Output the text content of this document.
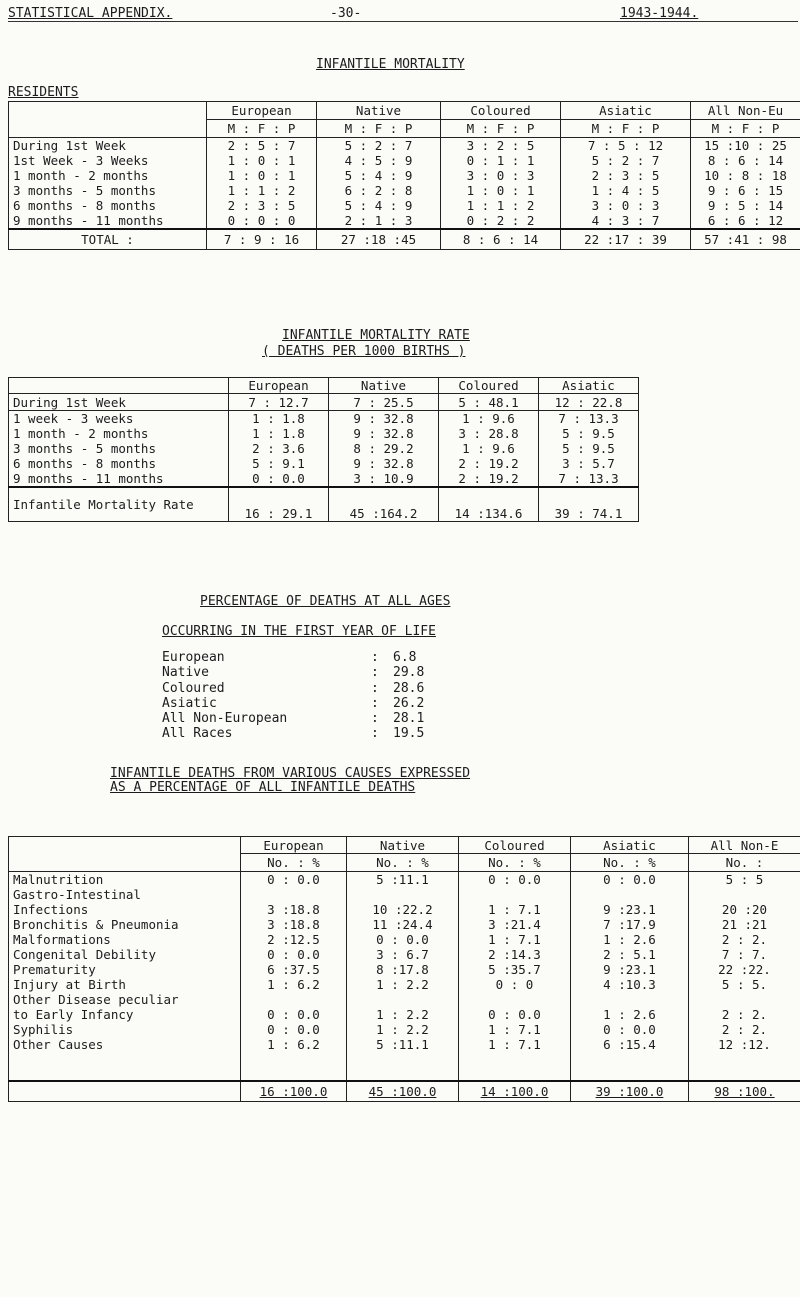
STATISTICAL APPENDIX.	-30-	1943-1944.
INFANTILE MORTALITY
RESIDENTS
	European	Native	Coloured	Asiatic	All Non-Eu
	M : F : P	M : F : P	M : F : P	M : F : P	M : F : P
During 1st Week	2 : 5 : 7	5 : 2 : 7	3 : 2 : 5	7 : 5 : 12	15 :10 : 25
1st Week - 3 Weeks	1 : 0 : 1	4 : 5 : 9	0 : 1 : 1	5 : 2 : 7	8 : 6 : 14
1 month - 2 months	1 : 0 : 1	5 : 4 : 9	3 : 0 : 3	2 : 3 : 5	10 : 8 : 18
3 months - 5 months	1 : 1 : 2	6 : 2 : 8	1 : 0 : 1	1 : 4 : 5	9 : 6 : 15
6 months - 8 months	2 : 3 : 5	5 : 4 : 9	1 : 1 : 2	3 : 0 : 3	9 : 5 : 14
9 months - 11 months	0 : 0 : 0	2 : 1 : 3	0 : 2 : 2	4 : 3 : 7	6 : 6 : 12
TOTAL :	7 : 9 : 16	27 :18 :45	8 : 6 : 14	22 :17 : 39	57 :41 : 98
INFANTILE MORTALITY RATE
( DEATHS PER 1000 BIRTHS )
	European	Native	Coloured	Asiatic
During 1st Week	7 : 12.7	7 : 25.5	5 : 48.1	12 : 22.8
1 week - 3 weeks	1 : 1.8	9 : 32.8	1 : 9.6	7 : 13.3
1 month - 2 months	1 : 1.8	9 : 32.8	3 : 28.8	5 : 9.5
3 months - 5 months	2 : 3.6	8 : 29.2	1 : 9.6	5 : 9.5
6 months - 8 months	5 : 9.1	9 : 32.8	2 : 19.2	3 : 5.7
9 months - 11 months	0 : 0.0	3 : 10.9	2 : 19.2	7 : 13.3
Infantile Mortality Rate	16 : 29.1	45 :164.2	14 :134.6	39 : 74.1
PERCENTAGE OF DEATHS AT ALL AGES
OCCURRING IN THE FIRST YEAR OF LIFE
European	:	6.8
Native	:	29.8
Coloured	:	28.6
Asiatic	:	26.2
All Non-European	:	28.1
All Races	:	19.5
INFANTILE DEATHS FROM VARIOUS CAUSES EXPRESSED
AS A PERCENTAGE OF ALL INFANTILE DEATHS
	European	Native	Coloured	Asiatic	All Non-E
	No. : %	No. : %	No. : %	No. : %	No. :
Malnutrition	0 : 0.0	5 :11.1	0 : 0.0	0 : 0.0	5 : 5
Gastro-Intestinal					
Infections	3 :18.8	10 :22.2	1 : 7.1	9 :23.1	20 :20
Bronchitis & Pneumonia	3 :18.8	11 :24.4	3 :21.4	7 :17.9	21 :21
Malformations	2 :12.5	0 : 0.0	1 : 7.1	1 : 2.6	2 : 2.
Congenital Debility	0 : 0.0	3 : 6.7	2 :14.3	2 : 5.1	7 : 7.
Prematurity	6 :37.5	8 :17.8	5 :35.7	9 :23.1	22 :22.
Injury at Birth	1 : 6.2	1 : 2.2	0 : 0	4 :10.3	5 : 5.
Other Disease peculiar					
to Early Infancy	0 : 0.0	1 : 2.2	0 : 0.0	1 : 2.6	2 : 2.
Syphilis	0 : 0.0	1 : 2.2	1 : 7.1	0 : 0.0	2 : 2.
Other Causes	1 : 6.2	5 :11.1	1 : 7.1	6 :15.4	12 :12.
	16 :100.0	45 :100.0	14 :100.0	39 :100.0	98 :100.
